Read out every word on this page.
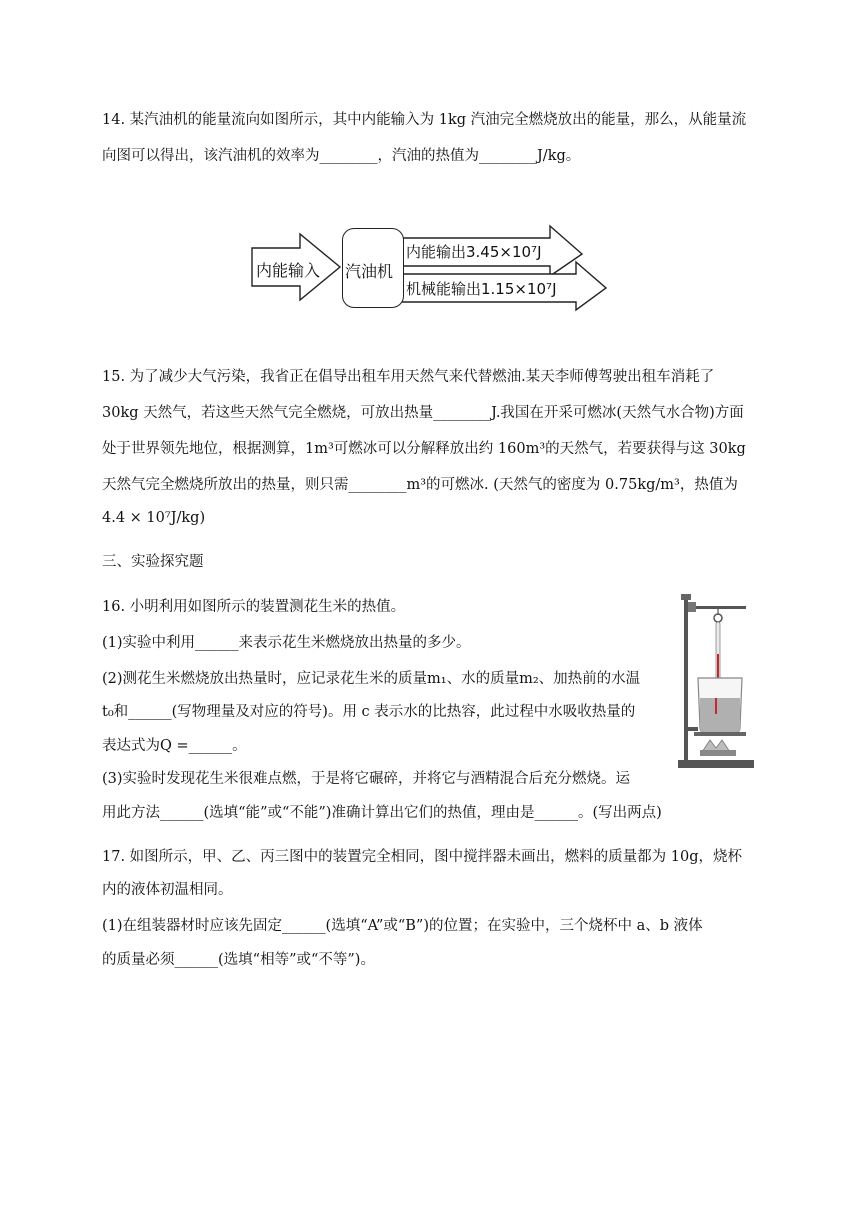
14. 某汽油机的能量流向如图所示，其中内能输入为 1kg 汽油完全燃烧放出的能量，那么，从能量流
向图可以得出，该汽油机的效率为________，汽油的热值为________J/kg。
内能输入 汽油机
内能输出3.45×10⁷J
机械能输出1.15×10⁷J
15. 为了减少大气污染，我省正在倡导出租车用天然气来代替燃油.某天李师傅驾驶出租车消耗了
30kg 天然气，若这些天然气完全燃烧，可放出热量________J.我国在开采可燃冰(天然气水合物)方面
处于世界领先地位，根据测算，1m³可燃冰可以分解释放出约 160m³的天然气，若要获得与这 30kg
天然气完全燃烧所放出的热量，则只需________m³的可燃冰. (天然气的密度为 0.75kg/m³，热值为
4.4 × 10⁷J/kg)
三、实验探究题
16. 小明利用如图所示的装置测花生米的热值。
(1)实验中利用______来表示花生米燃烧放出热量的多少。
(2)测花生米燃烧放出热量时，应记录花生米的质量m₁、水的质量m₂、加热前的水温
t₀和______(写物理量及对应的符号)。用 c 表示水的比热容，此过程中水吸收热量的
表达式为Q =______。
(3)实验时发现花生米很难点燃，于是将它碾碎，并将它与酒精混合后充分燃烧。运
用此方法______(选填“能”或“不能”)准确计算出它们的热值，理由是______。(写出两点)
17. 如图所示，甲、乙、丙三图中的装置完全相同，图中搅拌器未画出，燃料的质量都为 10g，烧杯
内的液体初温相同。
(1)在组装器材时应该先固定______(选填“A”或“B”)的位置；在实验中，三个烧杯中 a、b 液体
的质量必须______(选填“相等”或“不等”)。
